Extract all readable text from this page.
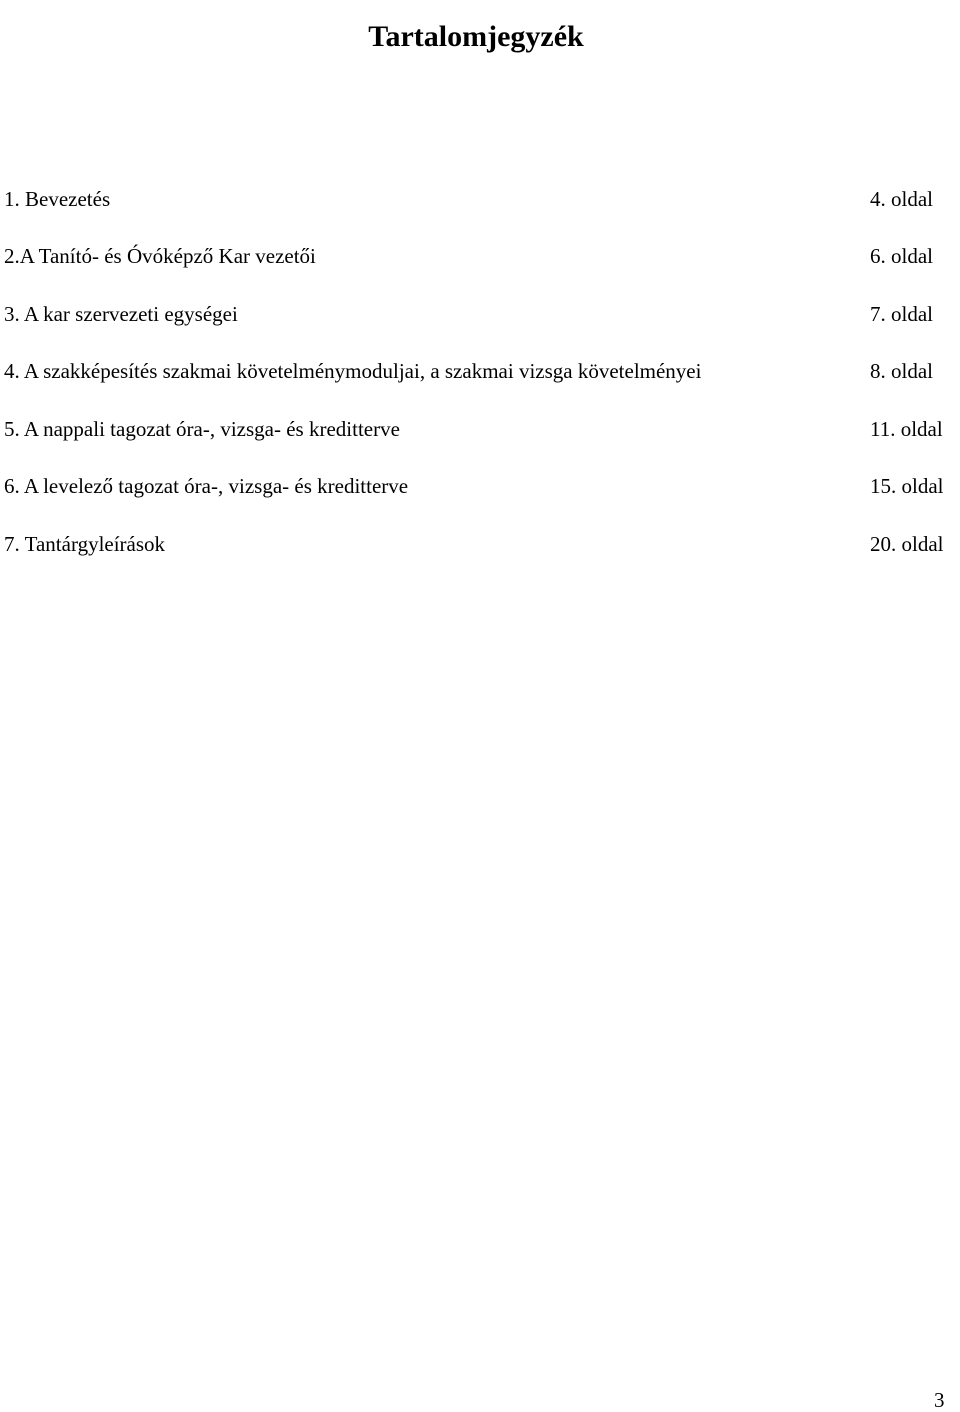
Tartalomjegyzék
1. Bevezetés	4. oldal
2.A Tanító- és Óvóképző Kar vezetői	6. oldal
3. A kar szervezeti egységei	7. oldal
4. A szakképesítés szakmai követelménymoduljai, a szakmai vizsga követelményei	8. oldal
5. A nappali tagozat óra-, vizsga- és kreditterve	11. oldal
6. A levelező tagozat óra-, vizsga- és kreditterve	15. oldal
7. Tantárgyleírások	20. oldal
3
